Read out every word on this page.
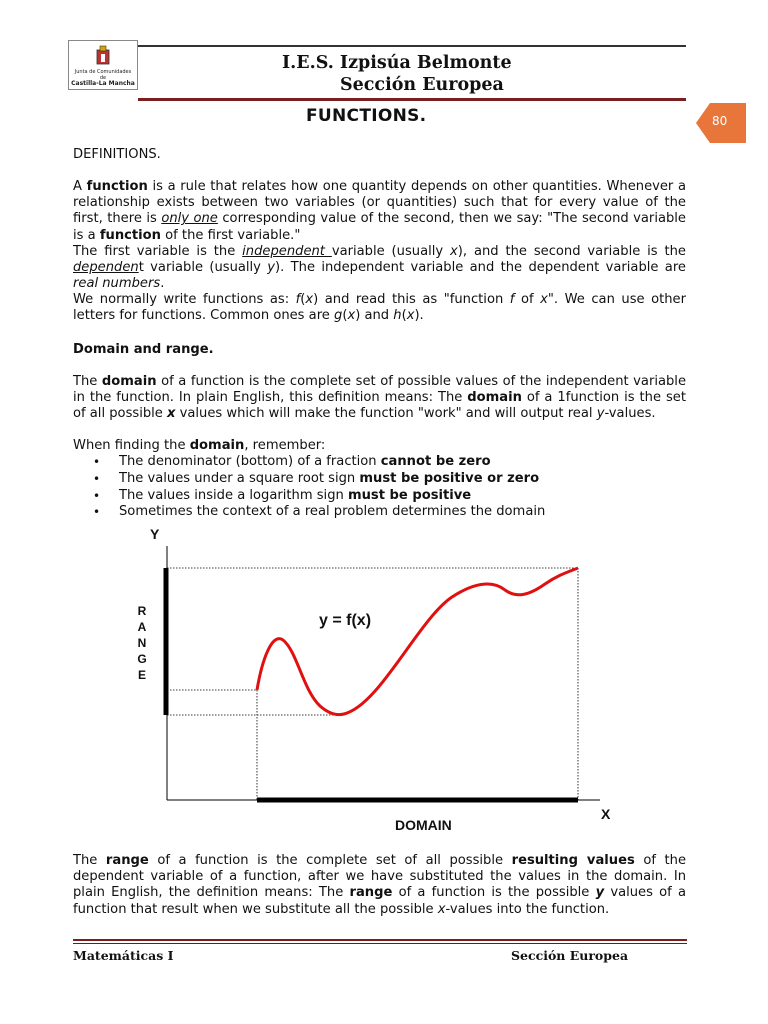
Junta de Comunidades de
Castilla-La Mancha
I.E.S. Izpisúa Belmonte
Sección Europea
FUNCTIONS.	80
DEFINITIONS.
A function is a rule that relates how one quantity depends on other quantities. Whenever a relationship exists between two variables (or quantities) such that for every value of the first, there is only one corresponding value of the second, then we say: "The second variable is a function of the first variable."
The first variable is the independent variable (usually x), and the second variable is the dependent variable (usually y). The independent variable and the dependent variable are real numbers.
We normally write functions as: f(x) and read this as "function f of x". We can use other letters for functions. Common ones are g(x) and h(x).
Domain and range.
The domain of a function is the complete set of possible values of the independent variable in the function. In plain English, this definition means: The domain of a 1function is the set of all possible x values which will make the function "work" and will output real y-values.
When finding the domain, remember:
• The denominator (bottom) of a fraction cannot be zero
• The values under a square root sign must be positive or zero
• The values inside a logarithm sign must be positive
• Sometimes the context of a real problem determines the domain
Y
X
R
A
N
G
E
DOMAIN
y = f(x)
The range of a function is the complete set of all possible resulting values of the dependent variable of a function, after we have substituted the values in the domain. In plain English, the definition means: The range of a function is the possible y values of a function that result when we substitute all the possible x-values into the function.
Matemáticas I	Sección Europea
